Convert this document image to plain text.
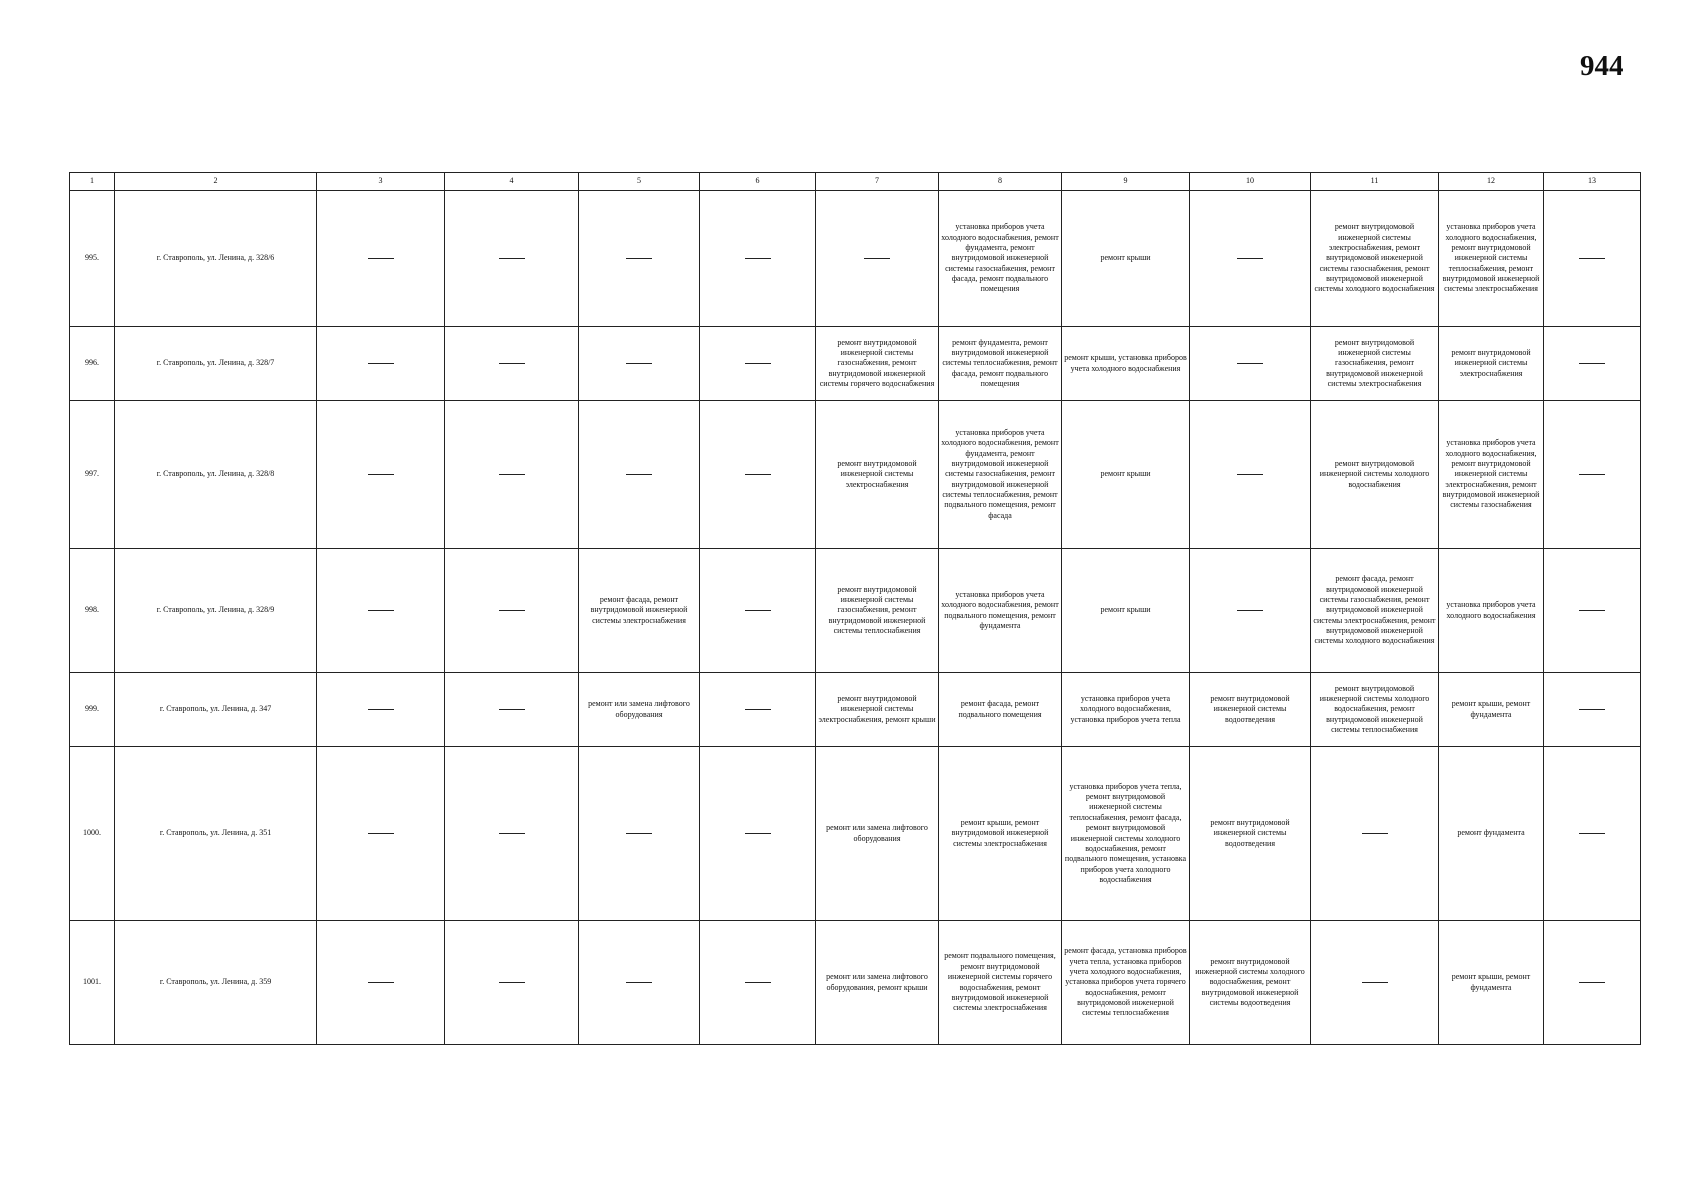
944
1	2	3	4	5	6	7	8	9	10	11	12	13
995.	г. Ставрополь, ул. Ленина, д. 328/6						установка приборов учета холодного водоснабжения, ремонт фундамента, ремонт внутридомовой инженерной системы газоснабжения, ремонт фасада, ремонт подвального помещения	ремонт крыши		ремонт внутридомовой инженерной системы электроснабжения, ремонт внутридомовой инженерной системы газоснабжения, ремонт внутридомовой инженерной системы холодного водоснабжения	установка приборов учета холодного водоснабжения, ремонт внутридомовой инженерной системы теплоснабжения, ремонт внутридомовой инженерной системы электроснабжения	
996.	г. Ставрополь, ул. Ленина, д. 328/7					ремонт внутридомовой инженерной системы газоснабжения, ремонт внутридомовой инженерной системы горячего водоснабжения	ремонт фундамента, ремонт внутридомовой инженерной системы теплоснабжения, ремонт фасада, ремонт подвального помещения	ремонт крыши, установка приборов учета холодного водоснабжения		ремонт внутридомовой инженерной системы газоснабжения, ремонт внутридомовой инженерной системы электроснабжения	ремонт внутридомовой инженерной системы электроснабжения	
997.	г. Ставрополь, ул. Ленина, д. 328/8					ремонт внутридомовой инженерной системы электроснабжения	установка приборов учета холодного водоснабжения, ремонт фундамента, ремонт внутридомовой инженерной системы газоснабжения, ремонт внутридомовой инженерной системы теплоснабжения, ремонт подвального помещения, ремонт фасада	ремонт крыши		ремонт внутридомовой инженерной системы холодного водоснабжения	установка приборов учета холодного водоснабжения, ремонт внутридомовой инженерной системы электроснабжения, ремонт внутридомовой инженерной системы газоснабжения	
998.	г. Ставрополь, ул. Ленина, д. 328/9			ремонт фасада, ремонт внутридомовой инженерной системы электроснабжения		ремонт внутридомовой инженерной системы газоснабжения, ремонт внутридомовой инженерной системы теплоснабжения	установка приборов учета холодного водоснабжения, ремонт подвального помещения, ремонт фундамента	ремонт крыши		ремонт фасада, ремонт внутридомовой инженерной системы газоснабжения, ремонт внутридомовой инженерной системы электроснабжения, ремонт внутридомовой инженерной системы холодного водоснабжения	установка приборов учета холодного водоснабжения	
999.	г. Ставрополь, ул. Ленина, д. 347			ремонт или замена лифтового оборудования		ремонт внутридомовой инженерной системы электроснабжения, ремонт крыши	ремонт фасада, ремонт подвального помещения	установка приборов учета холодного водоснабжения, установка приборов учета тепла	ремонт внутридомовой инженерной системы водоотведения	ремонт внутридомовой инженерной системы холодного водоснабжения, ремонт внутридомовой инженерной системы теплоснабжения	ремонт крыши, ремонт фундамента	
1000.	г. Ставрополь, ул. Ленина, д. 351					ремонт или замена лифтового оборудования	ремонт крыши, ремонт внутридомовой инженерной системы электроснабжения	установка приборов учета тепла, ремонт внутридомовой инженерной системы теплоснабжения, ремонт фасада, ремонт внутридомовой инженерной системы холодного водоснабжения, ремонт подвального помещения, установка приборов учета холодного водоснабжения	ремонт внутридомовой инженерной системы водоотведения		ремонт фундамента	
1001.	г. Ставрополь, ул. Ленина, д. 359					ремонт или замена лифтового оборудования, ремонт крыши	ремонт подвального помещения, ремонт внутридомовой инженерной системы горячего водоснабжения, ремонт внутридомовой инженерной системы электроснабжения	ремонт фасада, установка приборов учета тепла, установка приборов учета холодного водоснабжения, установка приборов учета горячего водоснабжения, ремонт внутридомовой инженерной системы теплоснабжения	ремонт внутридомовой инженерной системы холодного водоснабжения, ремонт внутридомовой инженерной системы водоотведения		ремонт крыши, ремонт фундамента	
